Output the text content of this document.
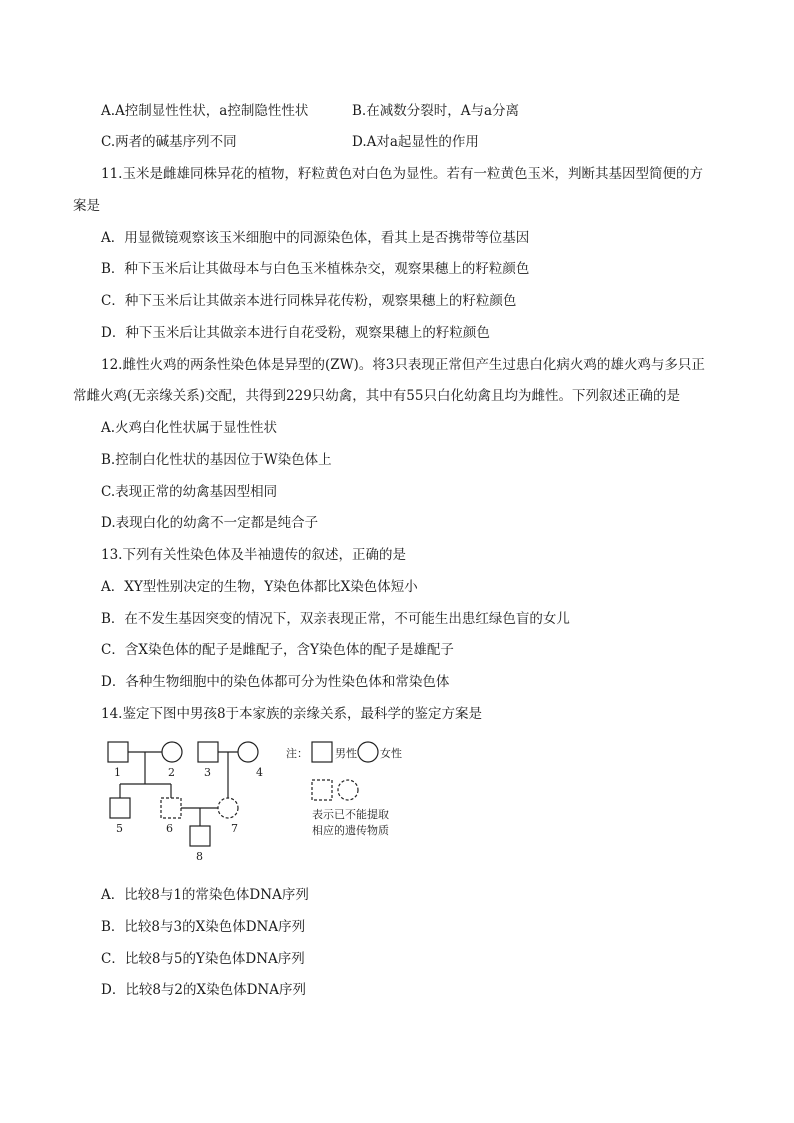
A.A控制显性性状，a控制隐性性状	B.在减数分裂时，A与a分离
C.两者的碱基序列不同	D.A对a起显性的作用
11.玉米是雌雄同株异花的植物，籽粒黄色对白色为显性。若有一粒黄色玉米，判断其基因型简便的方
案是
A．用显微镜观察该玉米细胞中的同源染色体，看其上是否携带等位基因
B．种下玉米后让其做母本与白色玉米植株杂交，观察果穗上的籽粒颜色
C．种下玉米后让其做亲本进行同株异花传粉，观察果穗上的籽粒颜色
D．种下玉米后让其做亲本进行自花受粉，观察果穗上的籽粒颜色
12.雌性火鸡的两条性染色体是异型的(ZW)。将3只表现正常但产生过患白化病火鸡的雄火鸡与多只正
常雌火鸡(无亲缘关系)交配，共得到229只幼禽，其中有55只白化幼禽且均为雌性。下列叙述正确的是
A.火鸡白化性状属于显性性状
B.控制白化性状的基因位于W染色体上
C.表现正常的幼禽基因型相同
D.表现白化的幼禽不一定都是纯合子
13.下列有关性染色体及半袖遗传的叙述，正确的是
A．XY型性别决定的生物，Y染色体都比X染色体短小
B．在不发生基因突变的情况下，双亲表现正常，不可能生出患红绿色盲的女儿
C．含X染色体的配子是雌配子，含Y染色体的配子是雄配子
D．各种生物细胞中的染色体都可分为性染色体和常染色体
14.鉴定下图中男孩8于本家族的亲缘关系，最科学的鉴定方案是
1	2	3	4
5	6	7
8
注： 男性 女性
表示已不能提取
相应的遗传物质
A．比较8与1的常染色体DNA序列
B．比较8与3的X染色体DNA序列
C．比较8与5的Y染色体DNA序列
D．比较8与2的X染色体DNA序列
